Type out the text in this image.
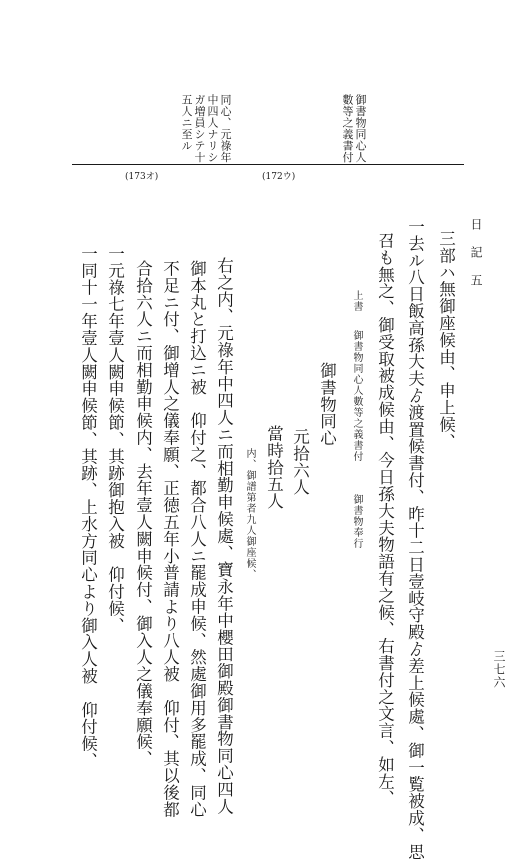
日　記　五
三七六
御書物同心人
數等之義書付
同心、元祿年
中四人ナリシ
ガ増員シテ十
五人ニ至ル
(173オ)	(172ウ)
三部ハ無御座候由、申上候、
一去ル八日飯高孫大夫ゟ渡置候書付、昨十二日壹岐守殿ゟ差上候處、御一覧被成、思
召も無之、御受取被成候由、今日孫大夫物語有之候、右書付之文言、如左、
上書
御書物同心人數等之義書付
御書物奉行
御書物同心
元拾六人
當時拾五人
内、御譜第者九人御座候、
右之内、元祿年中四人ニ而相勤申候處、寶永年中櫻田御殿御書物同心四人
御本丸と打込ニ被　仰付之、都合八人ニ罷成申候、然處御用多罷成、同心
不足ニ付、御增人之儀奉願、正徳五年小普請より八人被　仰付、其以後都
合拾六人ニ而相勤申候内、去年壹人闕申候付、御入人之儀奉願候、
一元祿七年壹人闕申候節、其跡御抱入被　仰付候、
一同十一年壹人闕申候節、其跡、上水方同心より御入人被　仰付候、
